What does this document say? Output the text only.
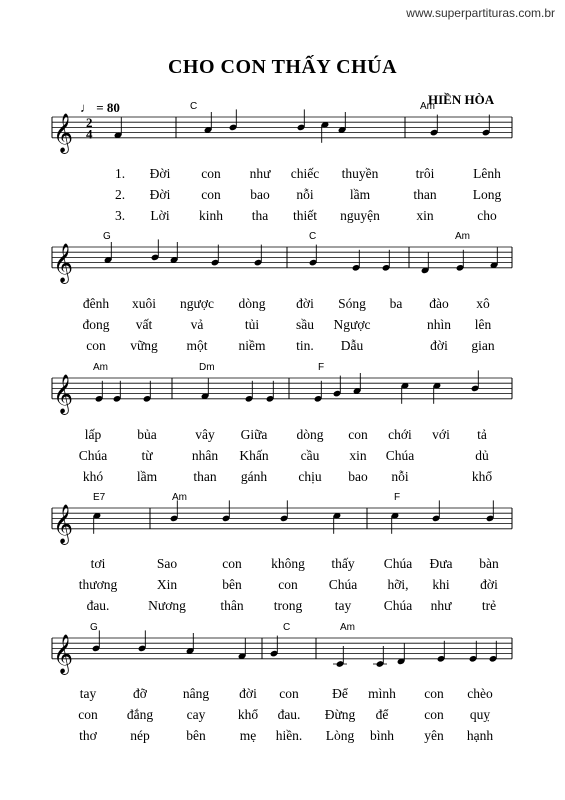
www.superpartituras.com.br
CHO CON THẤY CHÚA
HIỀN HÒA
♩ = 80
𝄞
𝄞
𝄞
𝄞
𝄞
2
4
C	Am
1. Đời con như chiếc thuyền	trôi	Lênh
2. Đời con bao nỗi	lầm	than	Long
3. Lời kinh tha thiết nguyện	xin	cho
G	C	Am
đênh xuôi ngược dòng đời Sóng ba đào xô
đong vất	vả	tủi	sầu Ngược	nhìn lên
con vững một niềm tin. Dẫu	đời gian
Am	Dm	F
lấp	bủa	vây Giữa dòng con chới với tả
Chúa	từ	nhân Khấn cầu xin Chúa	dủ
khó	lầm	than gánh chịu bao nỗi	khổ
E7	Am	F
tơi	Sao	con không thấy Chúa Đưa bàn
thương	Xin	bên	con Chúa hỡi, khi đời
đau.	Nương	thân trong tay Chúa như trẻ
G	C	Am
tay	đỡ	nâng đời con Để mình con chèo
con đắng cay khổ đau. Đừng để	con quỵ
thơ nép	bên	mẹ hiền. Lòng bình yên hạnh
